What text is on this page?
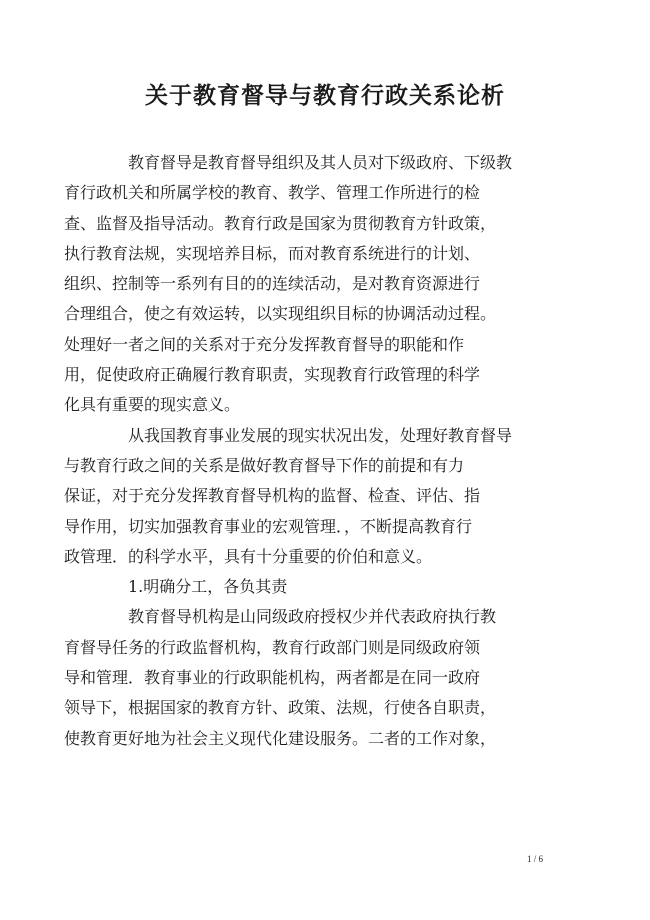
关于教育督导与教育行政关系论析

教育督导是教育督导组织及其人员对下级政府、下级教
育行政机关和所属学校的教育、教学、管理工作所进行的检
查、监督及指导活动。教育行政是国家为贯彻教育方针政策，
执行教育法规，实现培养目标，而对教育系统进行的计划、
组织、控制等一系列有目的的连续活动，是对教育资源进行
合理组合，使之有效运转，以实现组织目标的协调活动过程。
处理好一者之间的关系对于充分发挥教育督导的职能和作
用，促使政府正确履行教育职责，实现教育行政管理的科学
化具有重要的现实意义。

从我国教育事业发展的现实状况出发，处理好教育督导
与教育行政之间的关系是做好教育督导下作的前提和有力
保证，对于充分发挥教育督导机构的监督、检查、评估、指
导作用，切实加强教育事业的宏观管理．，不断提高教育行
政管理．的科学水平，具有十分重要的价伯和意义。

1.明确分工，各负其责

教育督导机构是山同级政府授权少并代表政府执行教
育督导任务的行政监督机构，教育行政部门则是同级政府领
导和管理．教育事业的行政职能机构，两者都是在同一政府
领导下，根据国家的教育方针、政策、法规，行使各自职责，
使教育更好地为社会主义现代化建设服务。二者的工作对象，

1 / 6
